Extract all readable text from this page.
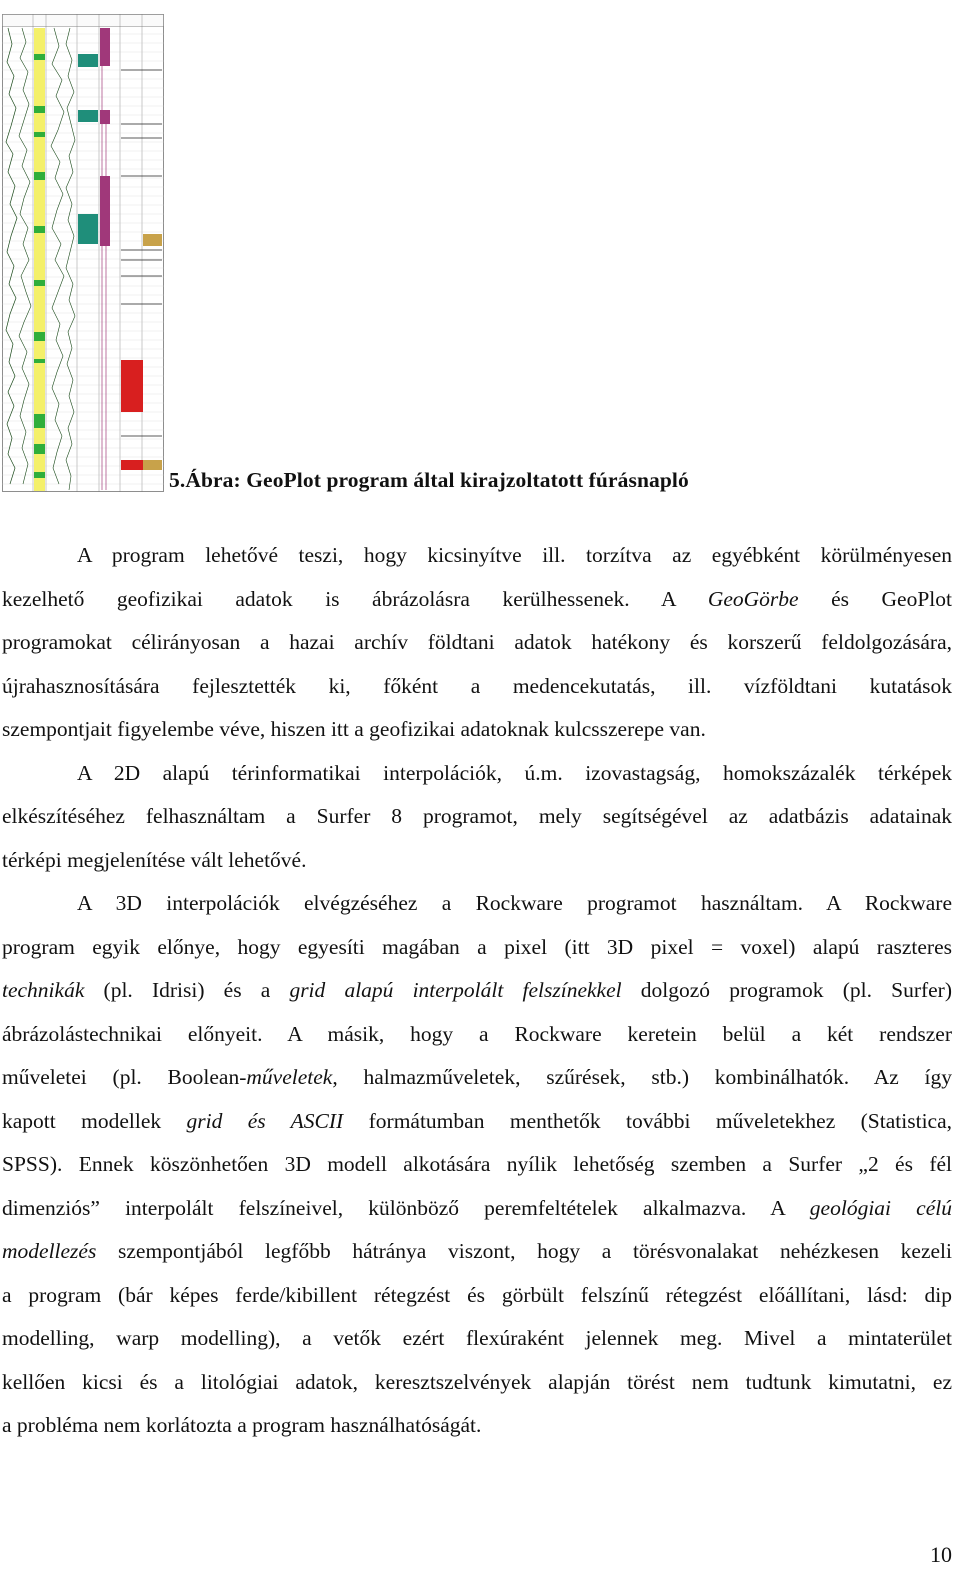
5.Ábra: GeoPlot program által kirajzoltatott fúrásnapló
A program lehetővé teszi, hogy kicsinyítve ill. torzítva az egyébként körülményesen
kezelhető geofizikai adatok is ábrázolásra kerülhessenek. A GeoGörbe és GeoPlot
programokat célirányosan a hazai archív földtani adatok hatékony és korszerű feldolgozására,
újrahasznosítására fejlesztették ki, főként a medencekutatás, ill. vízföldtani kutatások
szempontjait figyelembe véve, hiszen itt a geofizikai adatoknak kulcsszerepe van.
A 2D alapú térinformatikai interpolációk, ú.m. izovastagság, homokszázalék térképek
elkészítéséhez felhasználtam a Surfer 8 programot, mely segítségével az adatbázis adatainak
térképi megjelenítése vált lehetővé.
A 3D interpolációk elvégzéséhez a Rockware programot használtam. A Rockware
program egyik előnye, hogy egyesíti magában a pixel (itt 3D pixel = voxel) alapú raszteres
technikák (pl. Idrisi) és a grid alapú interpolált felszínekkel dolgozó programok (pl. Surfer)
ábrázolástechnikai előnyeit. A másik, hogy a Rockware keretein belül a két rendszer
műveletei (pl. Boolean-műveletek, halmazműveletek, szűrések, stb.) kombinálhatók. Az így
kapott modellek grid és ASCII formátumban menthetők további műveletekhez (Statistica,
SPSS). Ennek köszönhetően 3D modell alkotására nyílik lehetőség szemben a Surfer „2 és fél
dimenziós” interpolált felszíneivel, különböző peremfeltételek alkalmazva. A geológiai célú
modellezés szempontjából legfőbb hátránya viszont, hogy a törésvonalakat nehézkesen kezeli
a program (bár képes ferde/kibillent rétegzést és görbült felszínű rétegzést előállítani, lásd: dip
modelling, warp modelling), a vetők ezért flexúraként jelennek meg. Mivel a mintaterület
kellően kicsi és a litológiai adatok, keresztszelvények alapján törést nem tudtunk kimutatni, ez
a probléma nem korlátozta a program használhatóságát.
10
